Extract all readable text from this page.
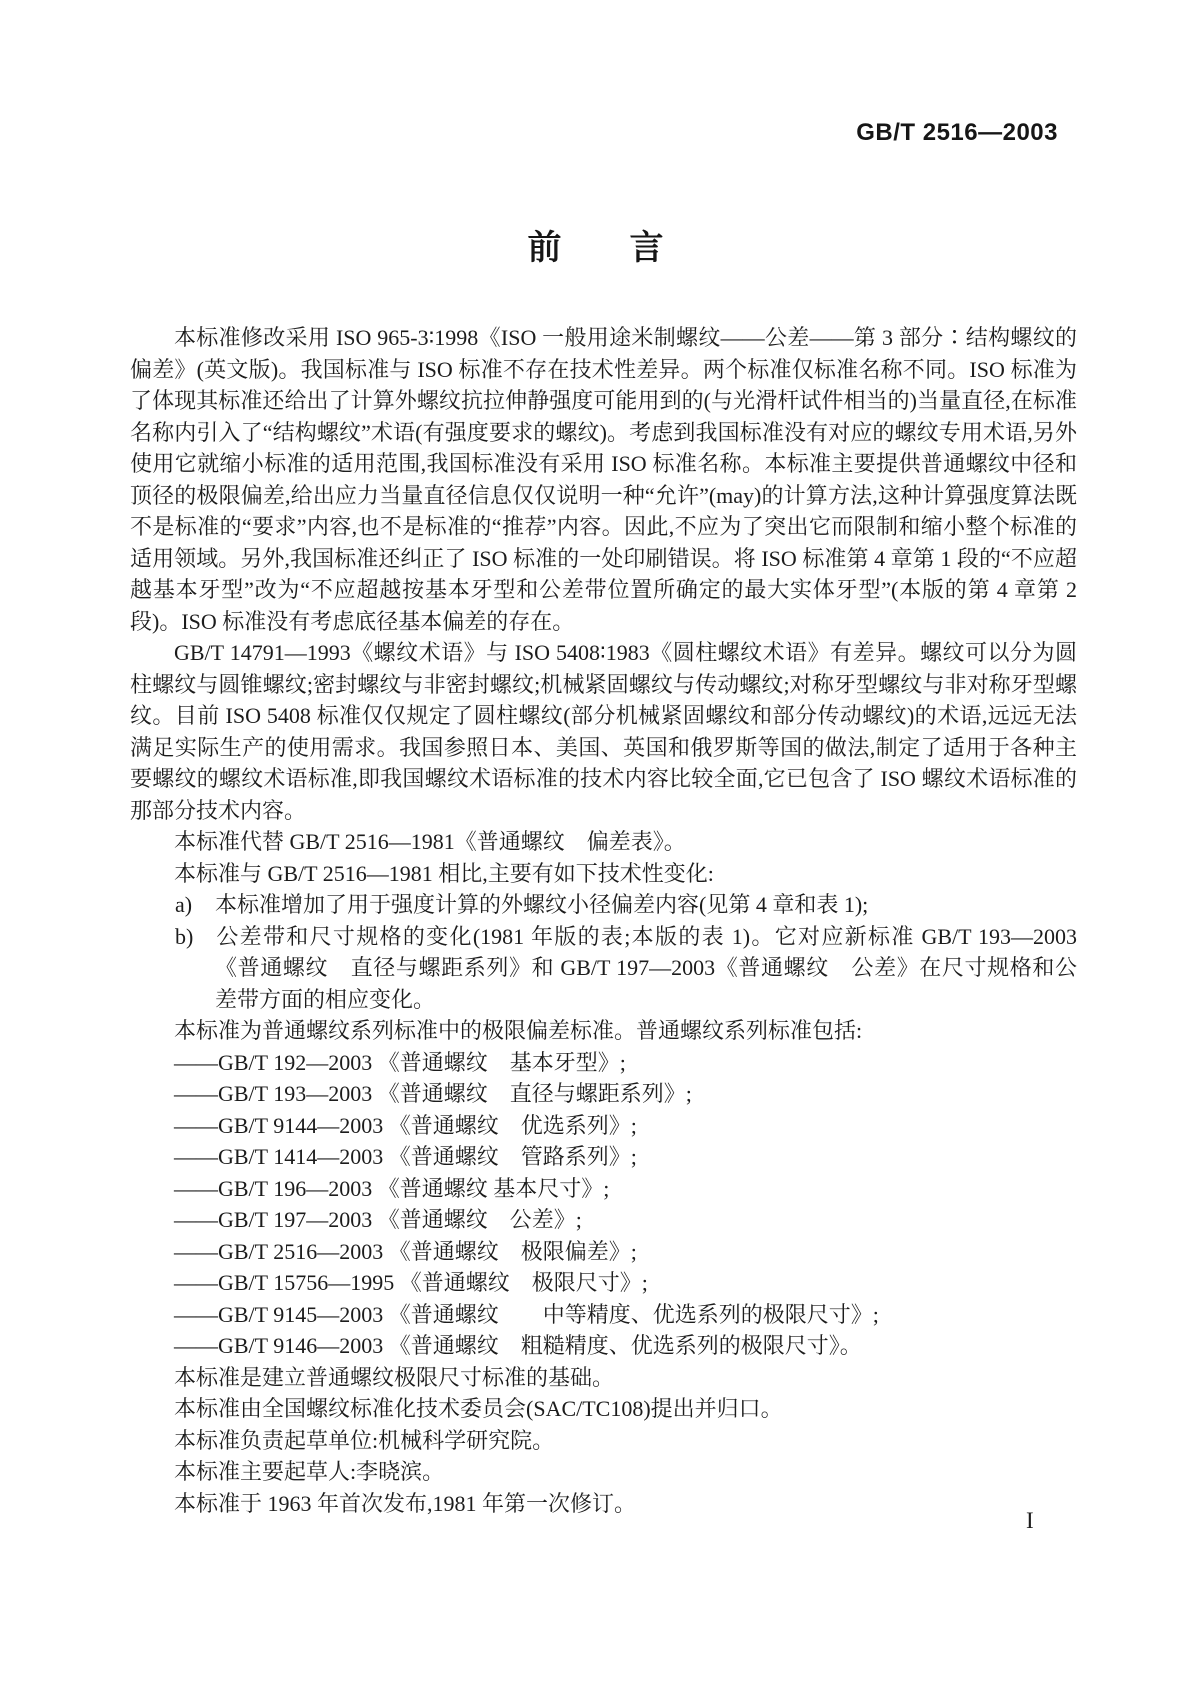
GB/T 2516—2003
前　　言

本标准修改采用 ISO 965-3∶1998《ISO 一般用途米制螺纹——公差——第 3 部分∶结构螺纹的偏差》(英文版)。我国标准与 ISO 标准不存在技术性差异。两个标准仅标准名称不同。ISO 标准为了体现其标准还给出了计算外螺纹抗拉伸静强度可能用到的(与光滑杆试件相当的)当量直径,在标准名称内引入了“结构螺纹”术语(有强度要求的螺纹)。考虑到我国标准没有对应的螺纹专用术语,另外使用它就缩小标准的适用范围,我国标准没有采用 ISO 标准名称。本标准主要提供普通螺纹中径和顶径的极限偏差,给出应力当量直径信息仅仅说明一种“允许”(may)的计算方法,这种计算强度算法既不是标准的“要求”内容,也不是标准的“推荐”内容。因此,不应为了突出它而限制和缩小整个标准的适用领域。另外,我国标准还纠正了 ISO 标准的一处印刷错误。将 ISO 标准第 4 章第 1 段的“不应超越基本牙型”改为“不应超越按基本牙型和公差带位置所确定的最大实体牙型”(本版的第 4 章第 2 段)。ISO 标准没有考虑底径基本偏差的存在。

GB/T 14791—1993《螺纹术语》与 ISO 5408∶1983《圆柱螺纹术语》有差异。螺纹可以分为圆柱螺纹与圆锥螺纹;密封螺纹与非密封螺纹;机械紧固螺纹与传动螺纹;对称牙型螺纹与非对称牙型螺纹。目前 ISO 5408 标准仅仅规定了圆柱螺纹(部分机械紧固螺纹和部分传动螺纹)的术语,远远无法满足实际生产的使用需求。我国参照日本、美国、英国和俄罗斯等国的做法,制定了适用于各种主要螺纹的螺纹术语标准,即我国螺纹术语标准的技术内容比较全面,它已包含了 ISO 螺纹术语标准的那部分技术内容。

本标准代替 GB/T 2516—1981《普通螺纹　偏差表》。

本标准与 GB/T 2516—1981 相比,主要有如下技术性变化:

a) 本标准增加了用于强度计算的外螺纹小径偏差内容(见第 4 章和表 1);
b) 公差带和尺寸规格的变化(1981 年版的表;本版的表 1)。它对应新标准 GB/T 193—2003《普通螺纹　直径与螺距系列》和 GB/T 197—2003《普通螺纹　公差》在尺寸规格和公差带方面的相应变化。

本标准为普通螺纹系列标准中的极限偏差标准。普通螺纹系列标准包括:

——GB/T 192—2003 《普通螺纹　基本牙型》;

——GB/T 193—2003 《普通螺纹　直径与螺距系列》;

——GB/T 9144—2003 《普通螺纹　优选系列》;

——GB/T 1414—2003 《普通螺纹　管路系列》;

——GB/T 196—2003 《普通螺纹 基本尺寸》;

——GB/T 197—2003 《普通螺纹　公差》;

——GB/T 2516—2003 《普通螺纹　极限偏差》;

——GB/T 15756—1995 《普通螺纹　极限尺寸》;

——GB/T 9145—2003 《普通螺纹　　中等精度、优选系列的极限尺寸》;

——GB/T 9146—2003 《普通螺纹　粗糙精度、优选系列的极限尺寸》。

本标准是建立普通螺纹极限尺寸标准的基础。

本标准由全国螺纹标准化技术委员会(SAC/TC108)提出并归口。

本标准负责起草单位:机械科学研究院。

本标准主要起草人:李晓滨。

本标准于 1963 年首次发布,1981 年第一次修订。

I
